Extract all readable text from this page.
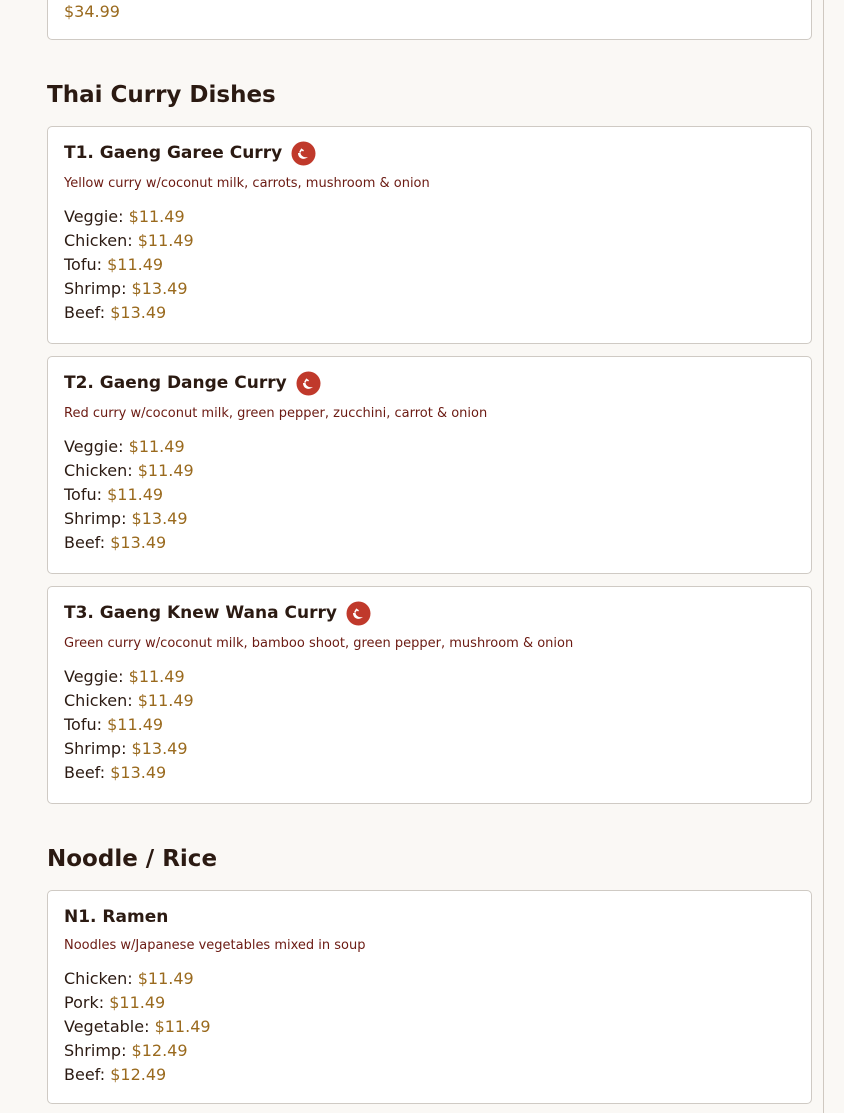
$34.99
Thai Curry Dishes
T1. Gaeng Garee Curry
Yellow curry w/coconut milk, carrots, mushroom & onion
Veggie: $11.49
Chicken: $11.49
Tofu: $11.49
Shrimp: $13.49
Beef: $13.49
T2. Gaeng Dange Curry
Red curry w/coconut milk, green pepper, zucchini, carrot & onion
Veggie: $11.49
Chicken: $11.49
Tofu: $11.49
Shrimp: $13.49
Beef: $13.49
T3. Gaeng Knew Wana Curry
Green curry w/coconut milk, bamboo shoot, green pepper, mushroom & onion
Veggie: $11.49
Chicken: $11.49
Tofu: $11.49
Shrimp: $13.49
Beef: $13.49
Noodle / Rice
N1. Ramen
Noodles w/Japanese vegetables mixed in soup
Chicken: $11.49
Pork: $11.49
Vegetable: $11.49
Shrimp: $12.49
Beef: $12.49
